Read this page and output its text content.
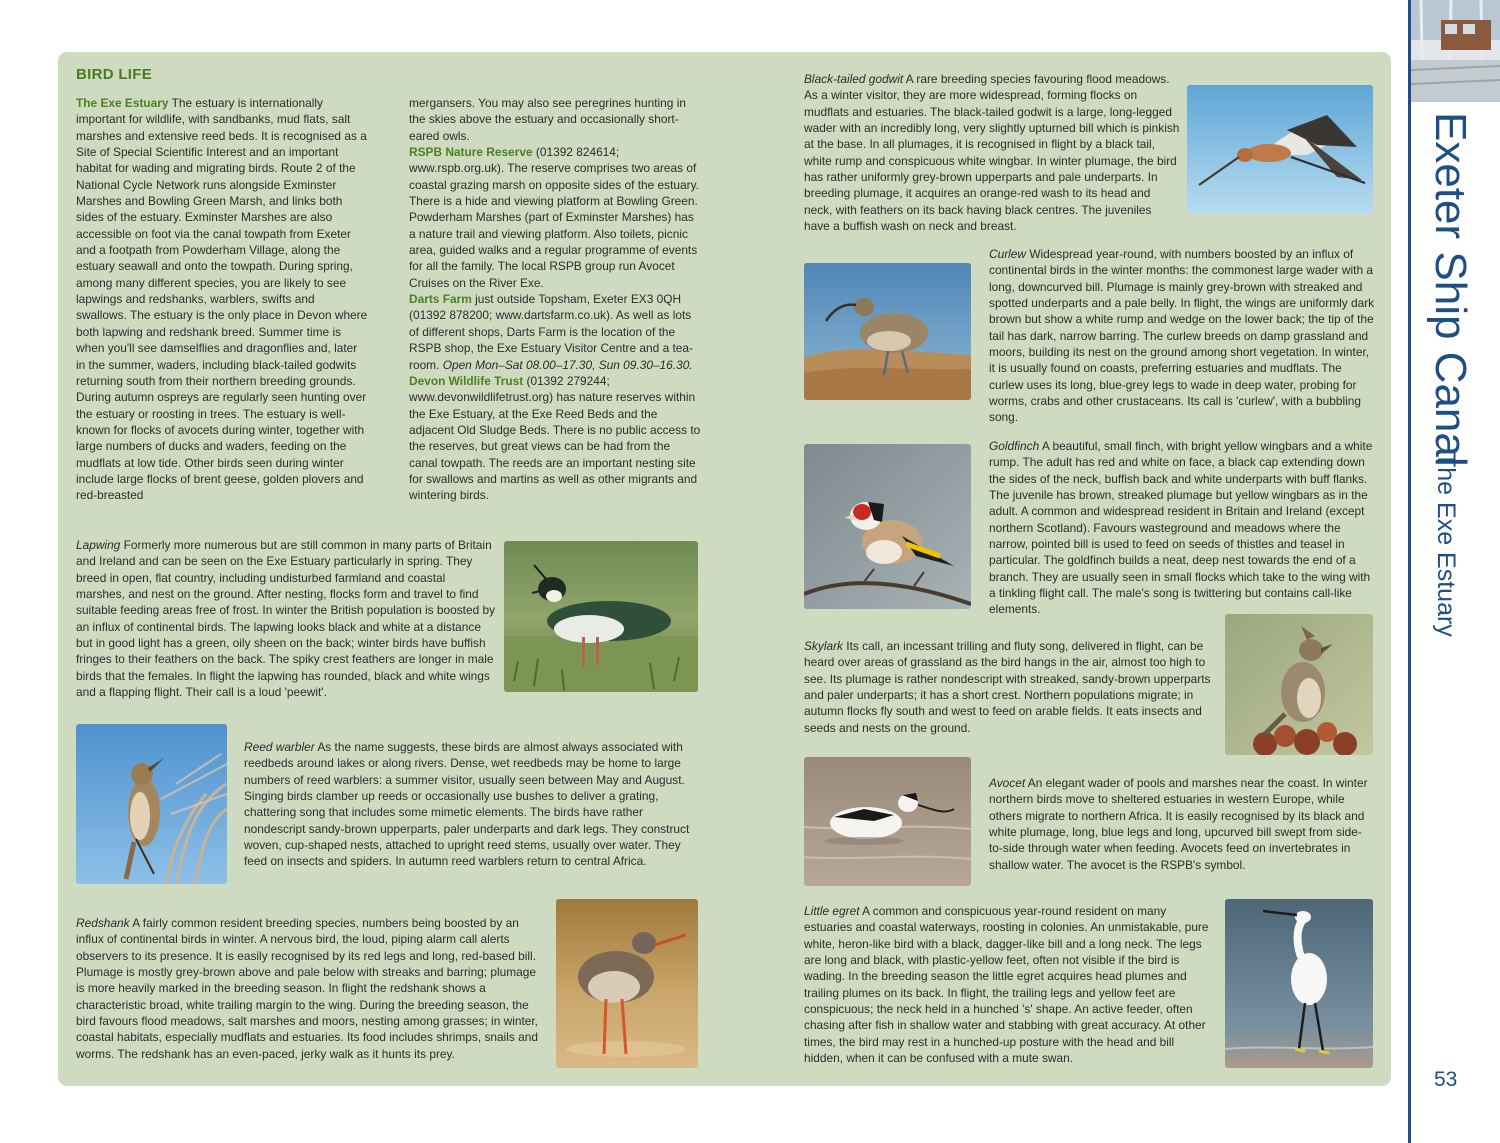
BIRD LIFE

The Exe Estuary The estuary is internationally important for wildlife, with sandbanks, mud flats, salt marshes and extensive reed beds. It is recognised as a Site of Special Scientific Interest and an important habitat for wading and migrating birds. Route 2 of the National Cycle Network runs alongside Exminster Marshes and Bowling Green Marsh, and links both sides of the estuary. Exminster Marshes are also accessible on foot via the canal towpath from Exeter and a footpath from Powderham Village, along the estuary seawall and onto the towpath. During spring, among many different species, you are likely to see lapwings and redshanks, warblers, swifts and swallows. The estuary is the only place in Devon where both lapwing and redshank breed. Summer time is when you'll see damselflies and dragonflies and, later in the summer, waders, including black-tailed godwits returning south from their northern breeding grounds. During autumn ospreys are regularly seen hunting over the estuary or roosting in trees. The estuary is well-known for flocks of avocets during winter, together with large numbers of ducks and waders, feeding on the mudflats at low tide. Other birds seen during winter include large flocks of brent geese, golden plovers and red-breasted

mergansers. You may also see peregrines hunting in the skies above the estuary and occasionally short-eared owls.
RSPB Nature Reserve (01392 824614; www.rspb.org.uk). The reserve comprises two areas of coastal grazing marsh on opposite sides of the estuary. There is a hide and viewing platform at Bowling Green. Powderham Marshes (part of Exminster Marshes) has a nature trail and viewing platform. Also toilets, picnic area, guided walks and a regular programme of events for all the family. The local RSPB group run Avocet Cruises on the River Exe.
Darts Farm just outside Topsham, Exeter EX3 0QH (01392 878200; www.dartsfarm.co.uk). As well as lots of different shops, Darts Farm is the location of the RSPB shop, the Exe Estuary Visitor Centre and a tea-room. Open Mon–Sat 08.00–17.30, Sun 09.30–16.30.
Devon Wildlife Trust (01392 279244; www.devonwildlifetrust.org) has nature reserves within the Exe Estuary, at the Exe Reed Beds and the adjacent Old Sludge Beds. There is no public access to the reserves, but great views can be had from the canal towpath. The reeds are an important nesting site for swallows and martins as well as other migrants and wintering birds.

Lapwing Formerly more numerous but are still common in many parts of Britain and Ireland and can be seen on the Exe Estuary particularly in spring. They breed in open, flat country, including undisturbed farmland and coastal marshes, and nest on the ground. After nesting, flocks form and travel to find suitable feeding areas free of frost. In winter the British population is boosted by an influx of continental birds. The lapwing looks black and white at a distance but in good light has a green, oily sheen on the back; winter birds have buffish fringes to their feathers on the back. The spiky crest feathers are longer in male birds that the females. In flight the lapwing has rounded, black and white wings and a flapping flight. Their call is a loud 'peewit'.

Reed warbler As the name suggests, these birds are almost always associated with reedbeds around lakes or along rivers. Dense, wet reedbeds may be home to large numbers of reed warblers: a summer visitor, usually seen between May and August. Singing birds clamber up reeds or occasionally use bushes to deliver a grating, chattering song that includes some mimetic elements. The birds have rather nondescript sandy-brown upperparts, paler underparts and dark legs. They construct woven, cup-shaped nests, attached to upright reed stems, usually over water. They feed on insects and spiders. In autumn reed warblers return to central Africa.

Redshank A fairly common resident breeding species, numbers being boosted by an influx of continental birds in winter. A nervous bird, the loud, piping alarm call alerts observers to its presence. It is easily recognised by its red legs and long, red-based bill. Plumage is mostly grey-brown above and pale below with streaks and barring; plumage is more heavily marked in the breeding season. In flight the redshank shows a characteristic broad, white trailing margin to the wing. During the breeding season, the bird favours flood meadows, salt marshes and moors, nesting among grasses; in winter, coastal habitats, especially mudflats and estuaries. Its food includes shrimps, snails and worms. The redshank has an even-paced, jerky walk as it hunts its prey.

Black-tailed godwit A rare breeding species favouring flood meadows. As a winter visitor, they are more widespread, forming flocks on mudflats and estuaries. The black-tailed godwit is a large, long-legged wader with an incredibly long, very slightly upturned bill which is pinkish at the base. In all plumages, it is recognised in flight by a black tail, white rump and conspicuous white wingbar. In winter plumage, the bird has rather uniformly grey-brown upperparts and pale underparts. In breeding plumage, it acquires an orange-red wash to its head and neck, with feathers on its back having black centres. The juveniles have a buffish wash on neck and breast.

Curlew Widespread year-round, with numbers boosted by an influx of continental birds in the winter months: the commonest large wader with a long, downcurved bill. Plumage is mainly grey-brown with streaked and spotted underparts and a pale belly. In flight, the wings are uniformly dark brown but show a white rump and wedge on the lower back; the tip of the tail has dark, narrow barring. The curlew breeds on damp grassland and moors, building its nest on the ground among short vegetation. In winter, it is usually found on coasts, preferring estuaries and mudflats. The curlew uses its long, blue-grey legs to wade in deep water, probing for worms, crabs and other crustaceans. Its call is 'curlew', with a bubbling song.

Goldfinch A beautiful, small finch, with bright yellow wingbars and a white rump. The adult has red and white on face, a black cap extending down the sides of the neck, buffish back and white underparts with buff flanks. The juvenile has brown, streaked plumage but yellow wingbars as in the adult. A common and widespread resident in Britain and Ireland (except northern Scotland). Favours wasteground and meadows where the narrow, pointed bill is used to feed on seeds of thistles and teasel in particular. The goldfinch builds a neat, deep nest towards the end of a branch. They are usually seen in small flocks which take to the wing with a tinkling flight call. The male's song is twittering but contains call-like elements.

Skylark Its call, an incessant trilling and fluty song, delivered in flight, can be heard over areas of grassland as the bird hangs in the air, almost too high to see. Its plumage is rather nondescript with streaked, sandy-brown upperparts and paler underparts; it has a short crest. Northern populations migrate; in autumn flocks fly south and west to feed on arable fields. It eats insects and seeds and nests on the ground.

Avocet An elegant wader of pools and marshes near the coast. In winter northern birds move to sheltered estuaries in western Europe, while others migrate to northern Africa. It is easily recognised by its black and white plumage, long, blue legs and long, upcurved bill swept from side-to-side through water when feeding. Avocets feed on invertebrates in shallow water. The avocet is the RSPB's symbol.

Little egret A common and conspicuous year-round resident on many estuaries and coastal waterways, roosting in colonies. An unmistakable, pure white, heron-like bird with a black, dagger-like bill and a long neck. The legs are long and black, with plastic-yellow feet, often not visible if the bird is wading. In the breeding season the little egret acquires head plumes and trailing plumes on its back. In flight, the trailing legs and yellow feet are conspicuous; the neck held in a hunched 's' shape. An active feeder, often chasing after fish in shallow water and stabbing with great accuracy. At other times, the bird may rest in a hunched-up posture with the head and bill hidden, when it can be confused with a mute swan.

Exeter Ship Canal

The Exe Estuary

53
